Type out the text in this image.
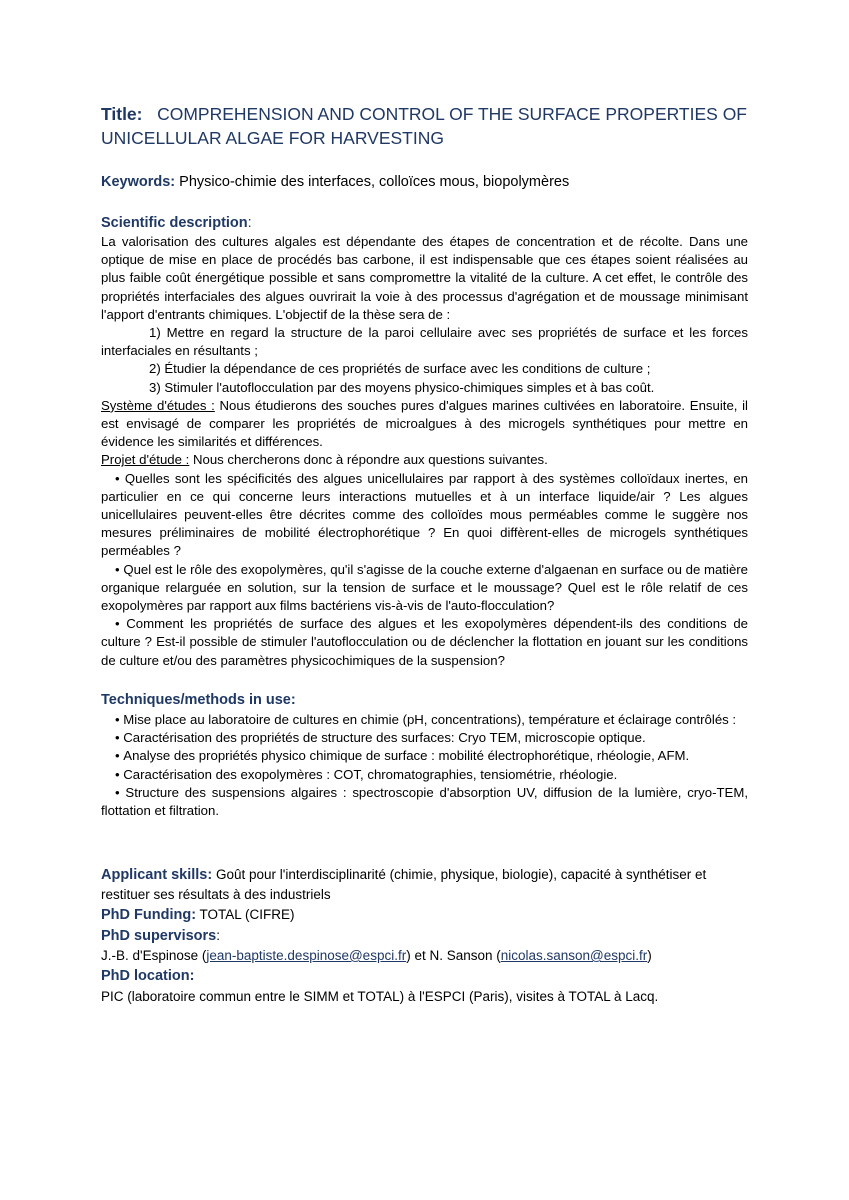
Title: COMPREHENSION AND CONTROL OF THE SURFACE PROPERTIES OF UNICELLULAR ALGAE FOR HARVESTING
Keywords: Physico-chimie des interfaces, colloïces mous, biopolymères
Scientific description:

La valorisation des cultures algales est dépendante des étapes de concentration et de récolte. Dans une optique de mise en place de procédés bas carbone, il est indispensable que ces étapes soient réalisées au plus faible coût énergétique possible et sans compromettre la vitalité de la culture. A cet effet, le contrôle des propriétés interfaciales des algues ouvrirait la voie à des processus d'agrégation et de moussage minimisant l'apport d'entrants chimiques. L'objectif de la thèse sera de :

1) Mettre en regard la structure de la paroi cellulaire avec ses propriétés de surface et les forces interfaciales en résultants ;

2) Étudier la dépendance de ces propriétés de surface avec les conditions de culture ;

3) Stimuler l'autoflocculation par des moyens physico-chimiques simples et à bas coût.

Système d'études : Nous étudierons des souches pures d'algues marines cultivées en laboratoire. Ensuite, il est envisagé de comparer les propriétés de microalgues à des microgels synthétiques pour mettre en évidence les similarités et différences.

Projet d'étude : Nous chercherons donc à répondre aux questions suivantes.

• Quelles sont les spécificités des algues unicellulaires par rapport à des systèmes colloïdaux inertes, en particulier en ce qui concerne leurs interactions mutuelles et à un interface liquide/air ? Les algues unicellulaires peuvent-elles être décrites comme des colloïdes mous perméables comme le suggère nos mesures préliminaires de mobilité électrophorétique ? En quoi diffèrent-elles de microgels synthétiques perméables ?

• Quel est le rôle des exopolymères, qu'il s'agisse de la couche externe d'algaenan en surface ou de matière organique relarguée en solution, sur la tension de surface et le moussage? Quel est le rôle relatif de ces exopolymères par rapport aux films bactériens vis-à-vis de l'auto-flocculation?

• Comment les propriétés de surface des algues et les exopolymères dépendent-ils des conditions de culture ? Est-il possible de stimuler l'autoflocculation ou de déclencher la flottation en jouant sur les conditions de culture et/ou des paramètres physicochimiques de la suspension?

Techniques/methods in use:

• Mise place au laboratoire de cultures en chimie (pH, concentrations), température et éclairage contrôlés :

• Caractérisation des propriétés de structure des surfaces: Cryo TEM, microscopie optique.

• Analyse des propriétés physico chimique de surface : mobilité électrophorétique, rhéologie, AFM.

• Caractérisation des exopolymères : COT, chromatographies, tensiométrie, rhéologie.

• Structure des suspensions algaires : spectroscopie d'absorption UV, diffusion de la lumière, cryo-TEM, flottation et filtration.

Applicant skills: Goût pour l'interdisciplinarité (chimie, physique, biologie), capacité à synthétiser et restituer ses résultats à des industriels
PhD Funding: TOTAL (CIFRE)
PhD supervisors:
J.-B. d'Espinose (jean-baptiste.despinose@espci.fr) et N. Sanson (nicolas.sanson@espci.fr)
PhD location:
PIC (laboratoire commun entre le SIMM et TOTAL) à l'ESPCI (Paris), visites à TOTAL à Lacq.
